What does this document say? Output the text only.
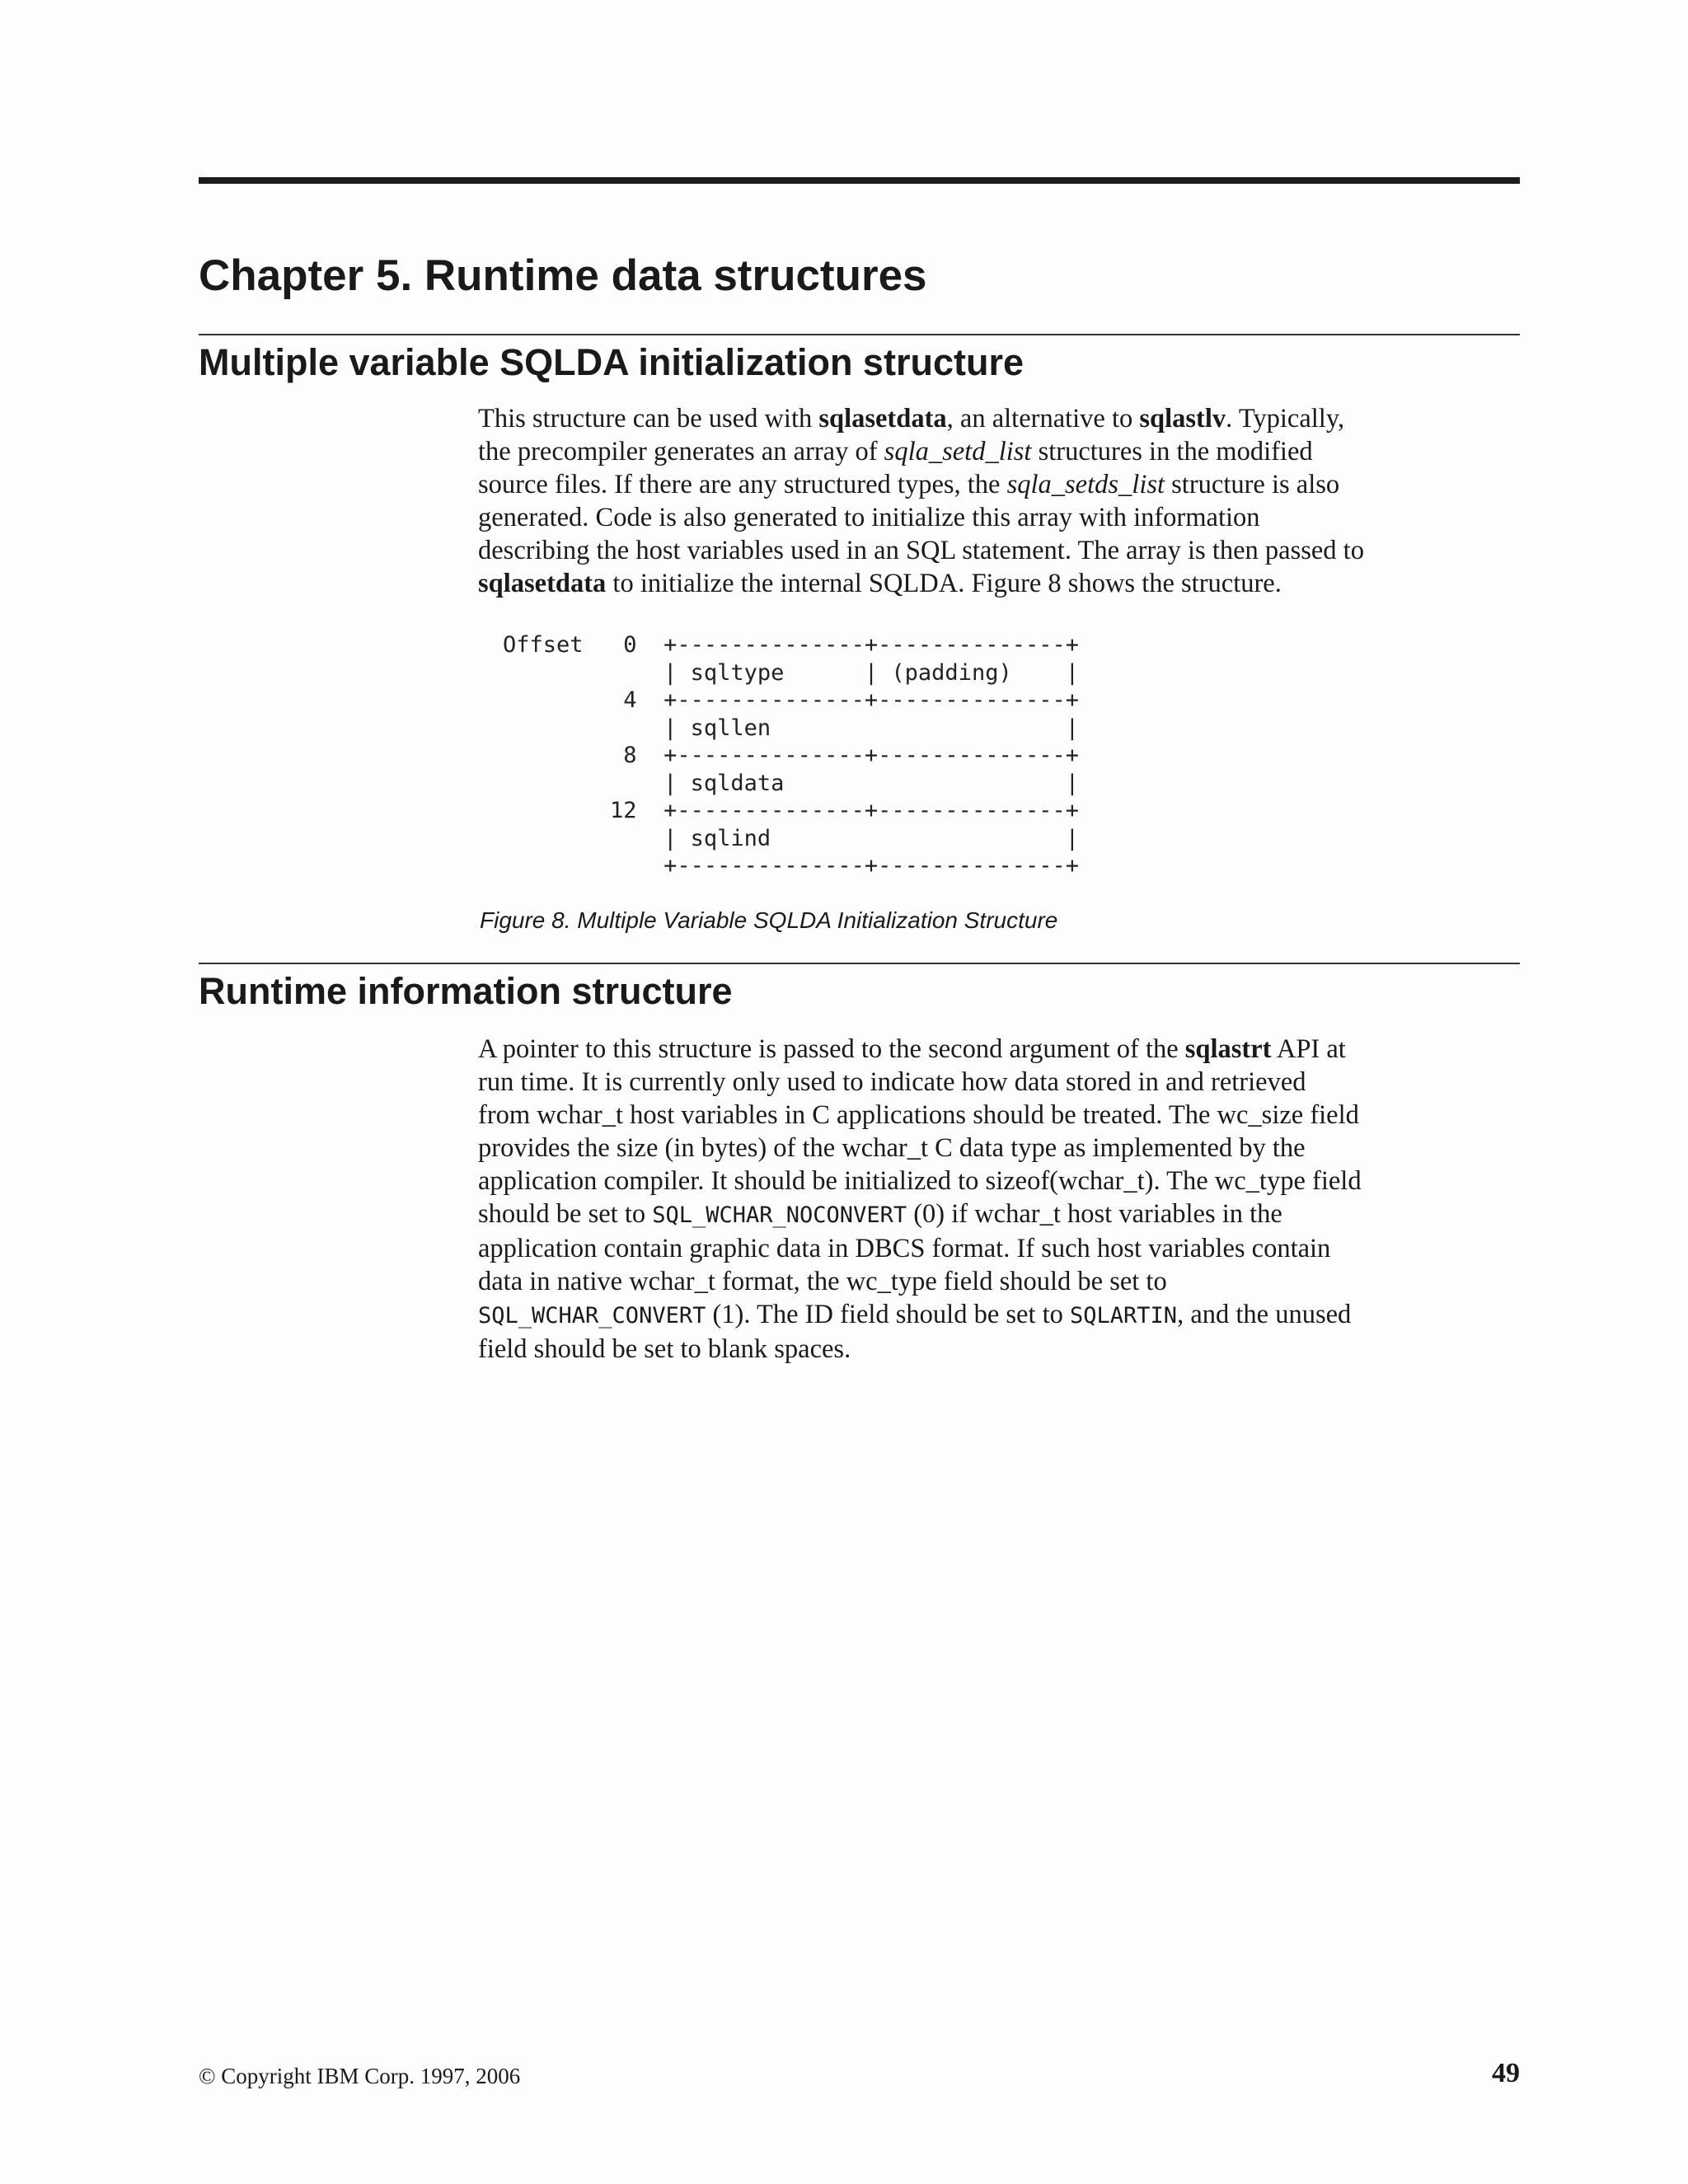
Chapter 5. Runtime data structures
Multiple variable SQLDA initialization structure

This structure can be used with sqlasetdata, an alternative to sqlastlv. Typically,
the precompiler generates an array of sqla_setd_list structures in the modified
source files. If there are any structured types, the sqla_setds_list structure is also
generated. Code is also generated to initialize this array with information
describing the host variables used in an SQL statement. The array is then passed to
sqlasetdata to initialize the internal SQLDA. Figure 8 shows the structure.

Offset   0  +--------------+--------------+
| sqltype      | (padding)    |
4  +--------------+--------------+
| sqllen                      |
8  +--------------+--------------+
| sqldata                     |
12  +--------------+--------------+
| sqlind                      |
+--------------+--------------+

Figure 8. Multiple Variable SQLDA Initialization Structure

Runtime information structure

A pointer to this structure is passed to the second argument of the sqlastrt API at
run time. It is currently only used to indicate how data stored in and retrieved
from wchar_t host variables in C applications should be treated. The wc_size field
provides the size (in bytes) of the wchar_t C data type as implemented by the
application compiler. It should be initialized to sizeof(wchar_t). The wc_type field
should be set to SQL_WCHAR_NOCONVERT (0) if wchar_t host variables in the
application contain graphic data in DBCS format. If such host variables contain
data in native wchar_t format, the wc_type field should be set to
SQL_WCHAR_CONVERT (1). The ID field should be set to SQLARTIN, and the unused
field should be set to blank spaces.

© Copyright IBM Corp. 1997, 2006	49
